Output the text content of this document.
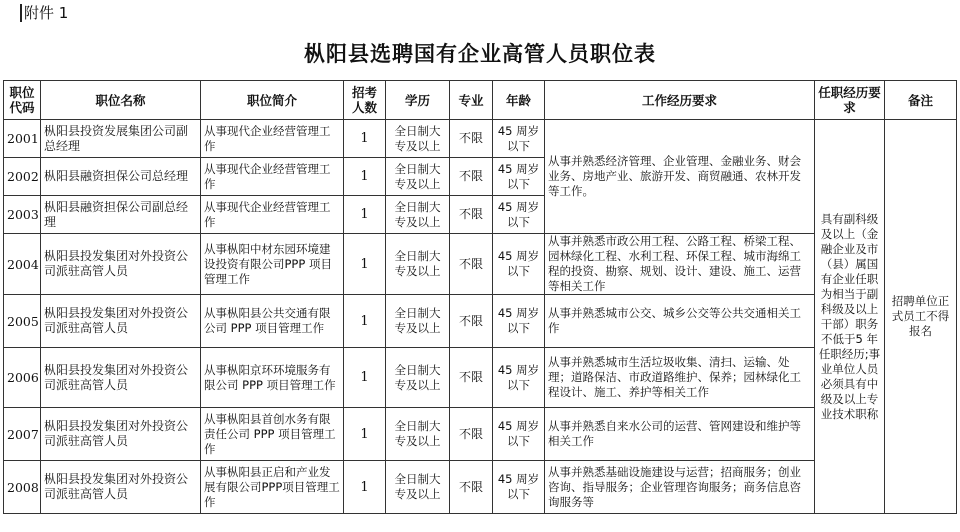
附件 1
枞阳县选聘国有企业高管人员职位表
职位代码	职位名称	职位简介	招考人数	学历	专业	年龄	工作经历要求	任职经历要求	备注
2001	枞阳县投资发展集团公司副总经理	从事现代企业经营管理工作	1	全日制大专及以上	不限	45 周岁以下	从事并熟悉经济管理、企业管理、金融业务、财会业务、房地产业、旅游开发、商贸融通、农林开发等工作。	具有副科级及以上（金融企业及市（县）属国有企业任职为相当于副科级及以上干部）职务不低于5 年任职经历;事业单位人员必须具有中级及以上专业技术职称	招聘单位正式员工不得报名
2002	枞阳县融资担保公司总经理	从事现代企业经营管理工作	1	全日制大专及以上	不限	45 周岁以下			
2003	枞阳县融资担保公司副总经理	从事现代企业经营管理工作	1	全日制大专及以上	不限	45 周岁以下			
2004	枞阳县投发集团对外投资公司派驻高管人员	从事枞阳中材东园环境建设投资有限公司PPP 项目管理工作	1	全日制大专及以上	不限	45 周岁以下	从事并熟悉市政公用工程、公路工程、桥梁工程、园林绿化工程、水利工程、环保工程、城市海绵工程的投资、勘察、规划、设计、建设、施工、运营等相关工作		
2005	枞阳县投发集团对外投资公司派驻高管人员	从事枞阳县公共交通有限公司 PPP 项目管理工作	1	全日制大专及以上	不限	45 周岁以下	从事并熟悉城市公交、城乡公交等公共交通相关工作		
2006	枞阳县投发集团对外投资公司派驻高管人员	从事枞阳京环环境服务有限公司 PPP 项目管理工作	1	全日制大专及以上	不限	45 周岁以下	从事并熟悉城市生活垃圾收集、清扫、运输、处理；道路保洁、市政道路维护、保养；园林绿化工程设计、施工、养护等相关工作		
2007	枞阳县投发集团对外投资公司派驻高管人员	从事枞阳县首创水务有限责任公司 PPP 项目管理工作	1	全日制大专及以上	不限	45 周岁以下	从事并熟悉自来水公司的运营、管网建设和维护等相关工作		
2008	枞阳县投发集团对外投资公司派驻高管人员	从事枞阳县正启和产业发展有限公司PPP项目管理工作	1	全日制大专及以上	不限	45 周岁以下	从事并熟悉基础设施建设与运营；招商服务；创业咨询、指导服务；企业管理咨询服务；商务信息咨询服务等		
